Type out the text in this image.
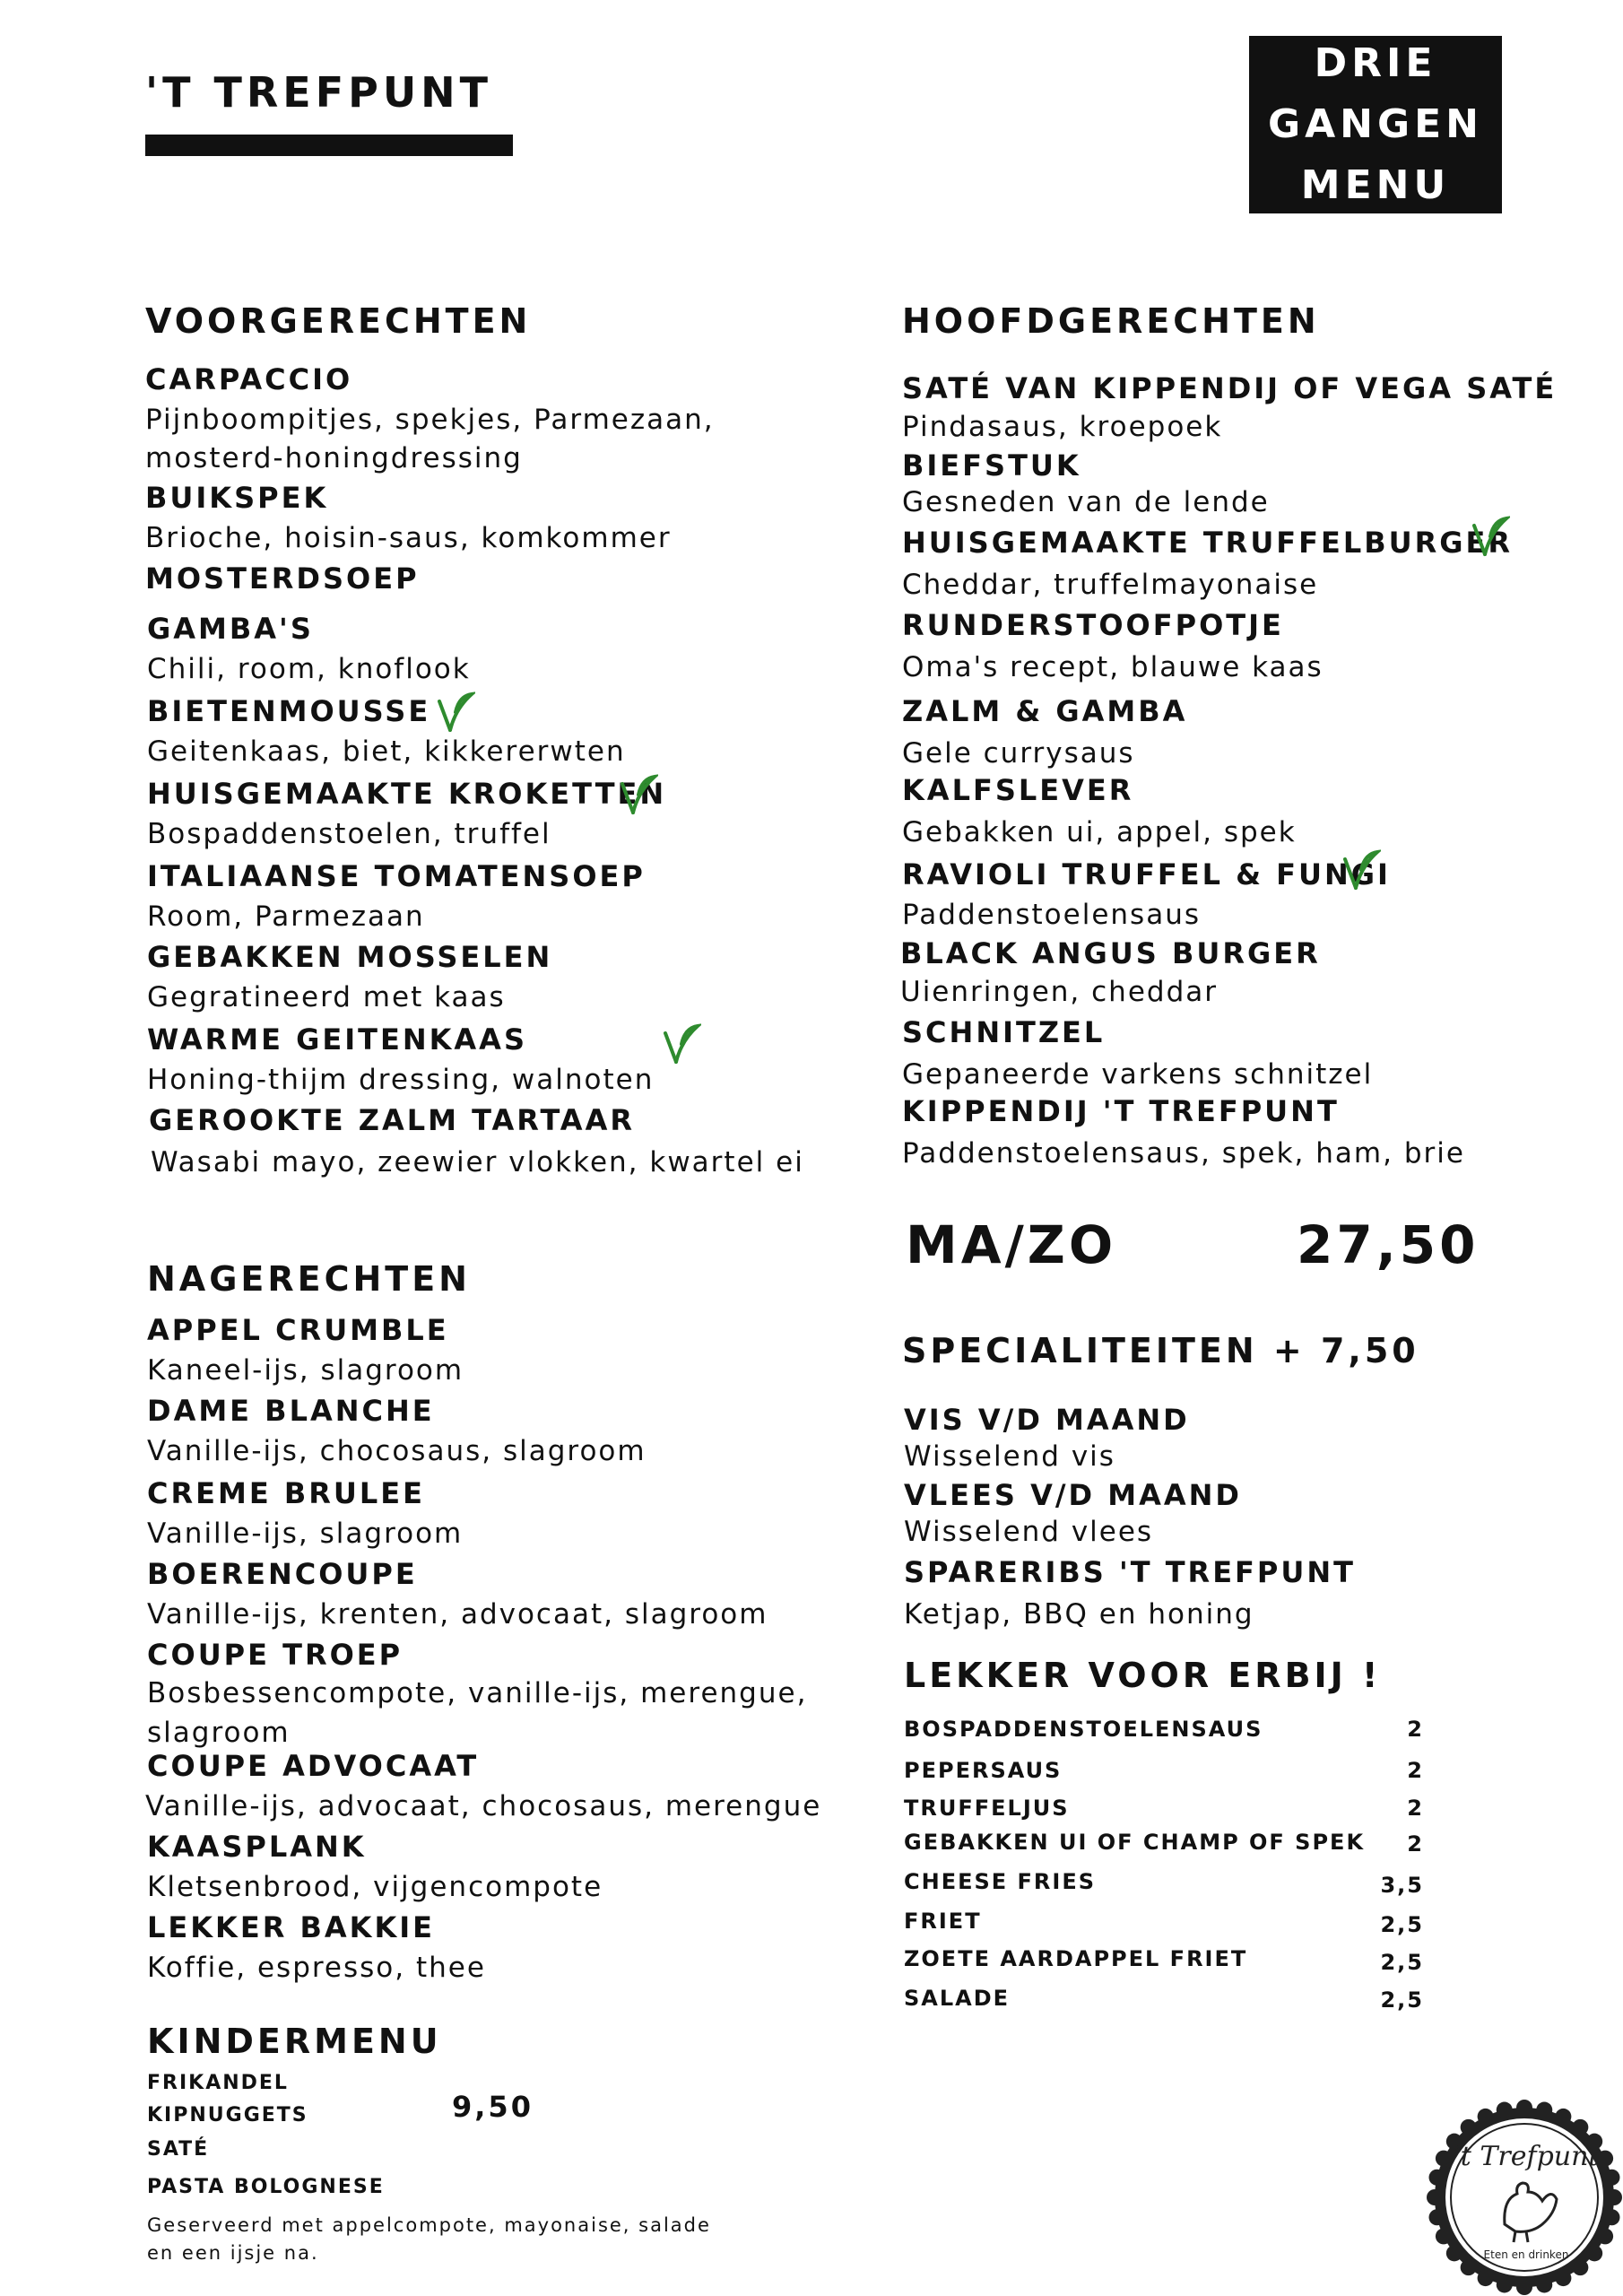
'T TREFPUNT
DRIE
GANGEN
MENU
VOORGERECHTEN
CARPACCIO
Pijnboompitjes, spekjes, Parmezaan,
mosterd-honingdressing
BUIKSPEK
Brioche, hoisin-saus, komkommer
MOSTERDSOEP
GAMBA'S
Chili, room, knoflook
BIETENMOUSSE
Geitenkaas, biet, kikkererwten
HUISGEMAAKTE KROKETTEN
Bospaddenstoelen, truffel
ITALIAANSE TOMATENSOEP
Room, Parmezaan
GEBAKKEN MOSSELEN
Gegratineerd met kaas
WARME GEITENKAAS
Honing-thijm dressing, walnoten
GEROOKTE ZALM TARTAAR
Wasabi mayo, zeewier vlokken, kwartel ei
HOOFDGERECHTEN
SATÉ VAN KIPPENDIJ OF VEGA SATÉ
Pindasaus, kroepoek
BIEFSTUK
Gesneden van de lende
HUISGEMAAKTE TRUFFELBURGER
Cheddar, truffelmayonaise
RUNDERSTOOFPOTJE
Oma's recept, blauwe kaas
ZALM & GAMBA
Gele currysaus
KALFSLEVER
Gebakken ui, appel, spek
RAVIOLI TRUFFEL & FUNGI
Paddenstoelensaus
BLACK ANGUS BURGER
Uienringen, cheddar
SCHNITZEL
Gepaneerde varkens schnitzel
KIPPENDIJ 'T TREFPUNT
Paddenstoelensaus, spek, ham, brie
MA/ZO	27,50
SPECIALITEITEN + 7,50
VIS V/D MAAND
Wisselend vis
VLEES V/D MAAND
Wisselend vlees
SPARERIBS 'T TREFPUNT
Ketjap, BBQ en honing
LEKKER VOOR ERBIJ !
BOSPADDENSTOELENSAUS	2
PEPERSAUS	2
TRUFFELJUS	2
GEBAKKEN UI OF CHAMP OF SPEK	2
CHEESE FRIES	3,5
FRIET	2,5
ZOETE AARDAPPEL FRIET	2,5
SALADE	2,5
NAGERECHTEN
APPEL CRUMBLE
Kaneel-ijs, slagroom
DAME BLANCHE
Vanille-ijs, chocosaus, slagroom
CREME BRULEE
Vanille-ijs, slagroom
BOERENCOUPE
Vanille-ijs, krenten, advocaat, slagroom
COUPE TROEP
Bosbessencompote, vanille-ijs, merengue,
slagroom
COUPE ADVOCAAT
Vanille-ijs, advocaat, chocosaus, merengue
KAASPLANK
Kletsenbrood, vijgencompote
LEKKER BAKKIE
Koffie, espresso, thee
KINDERMENU
FRIKANDEL
KIPNUGGETS
SATÉ
PASTA BOLOGNESE
9,50
Geserveerd met appelcompote, mayonaise, salade
en een ijsje na.
't Trefpunt
Eten en drinken
